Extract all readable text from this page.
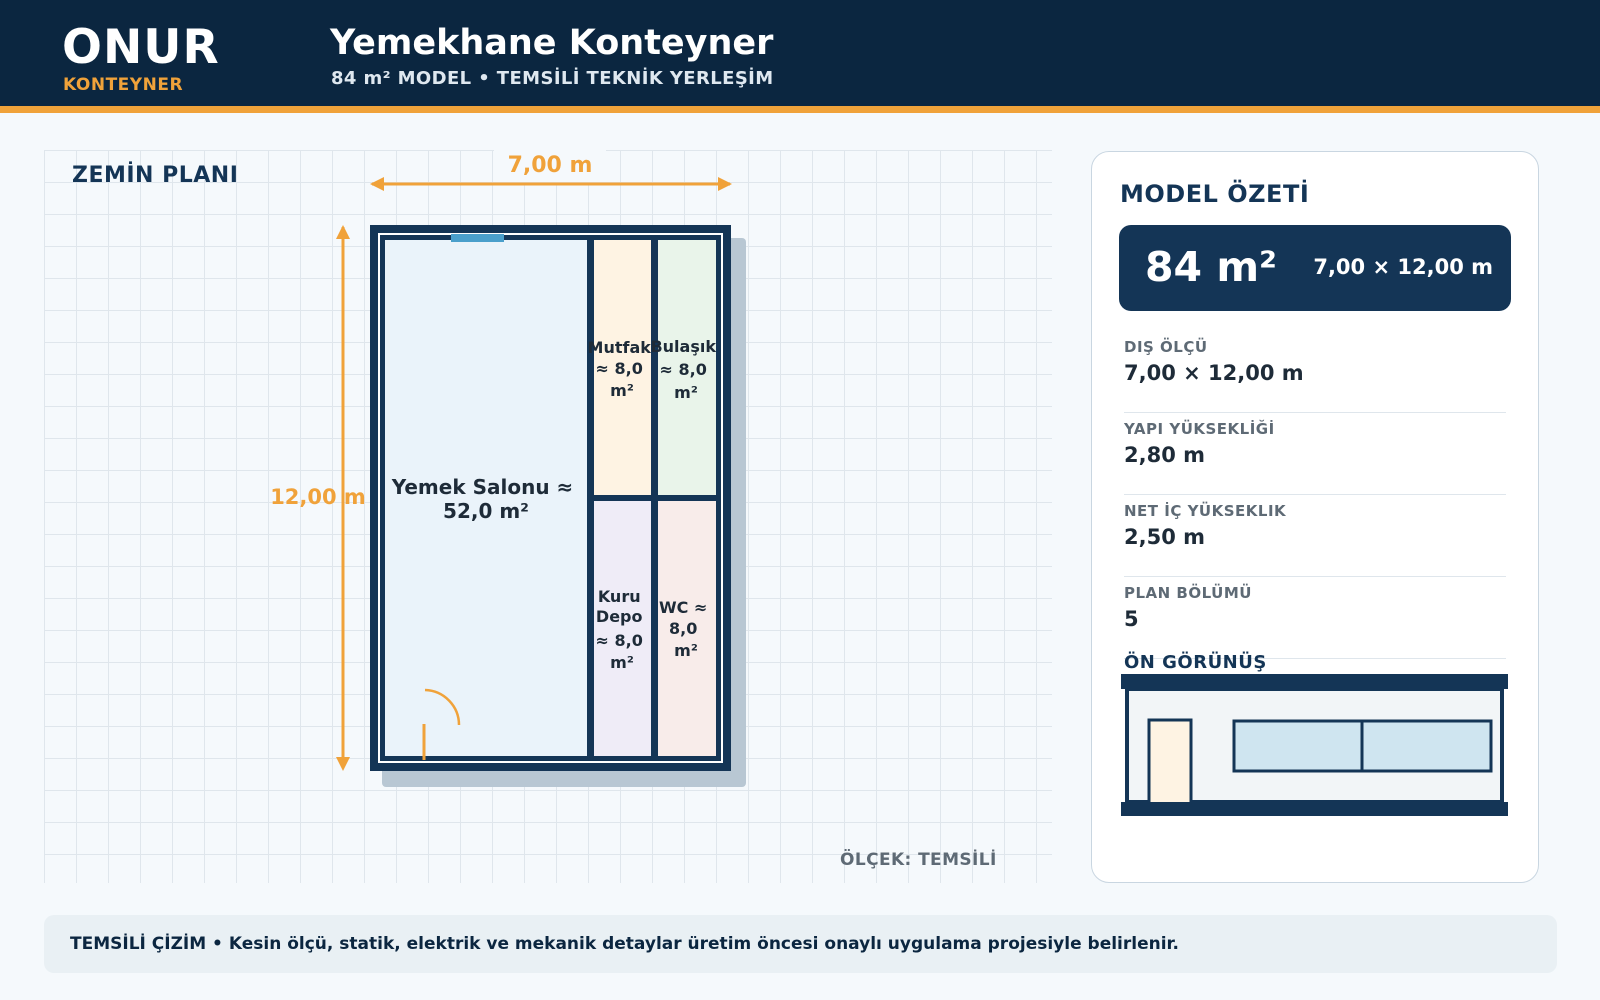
ONUR
KONTEYNER
Yemekhane Konteyner
84 m² MODEL • TEMSİLİ TEKNİK YERLEŞİM
ZEMİN PLANI	7,00 m
12,00 m Yemek Salonu ≈ 52,0 m²
Mutfak ≈ 8,0 m²
Bulaşık ≈ 8,0 m²
Kuru Depo ≈ 8,0 m²
WC ≈ 8,0 m²
ÖLÇEK: TEMSİLİ
MODEL ÖZETİ
84 m² 7,00 × 12,00 m
DIŞ ÖLÇÜ
7,00 × 12,00 m
YAPI YÜKSEKLİĞİ
2,80 m
NET İÇ YÜKSEKLIK
2,50 m
PLAN BÖLÜMÜ
5
ÖN GÖRÜNÜŞ
TEMSİLİ ÇİZİM • Kesin ölçü, statik, elektrik ve mekanik detaylar üretim öncesi onaylı uygulama projesiyle belirlenir.
